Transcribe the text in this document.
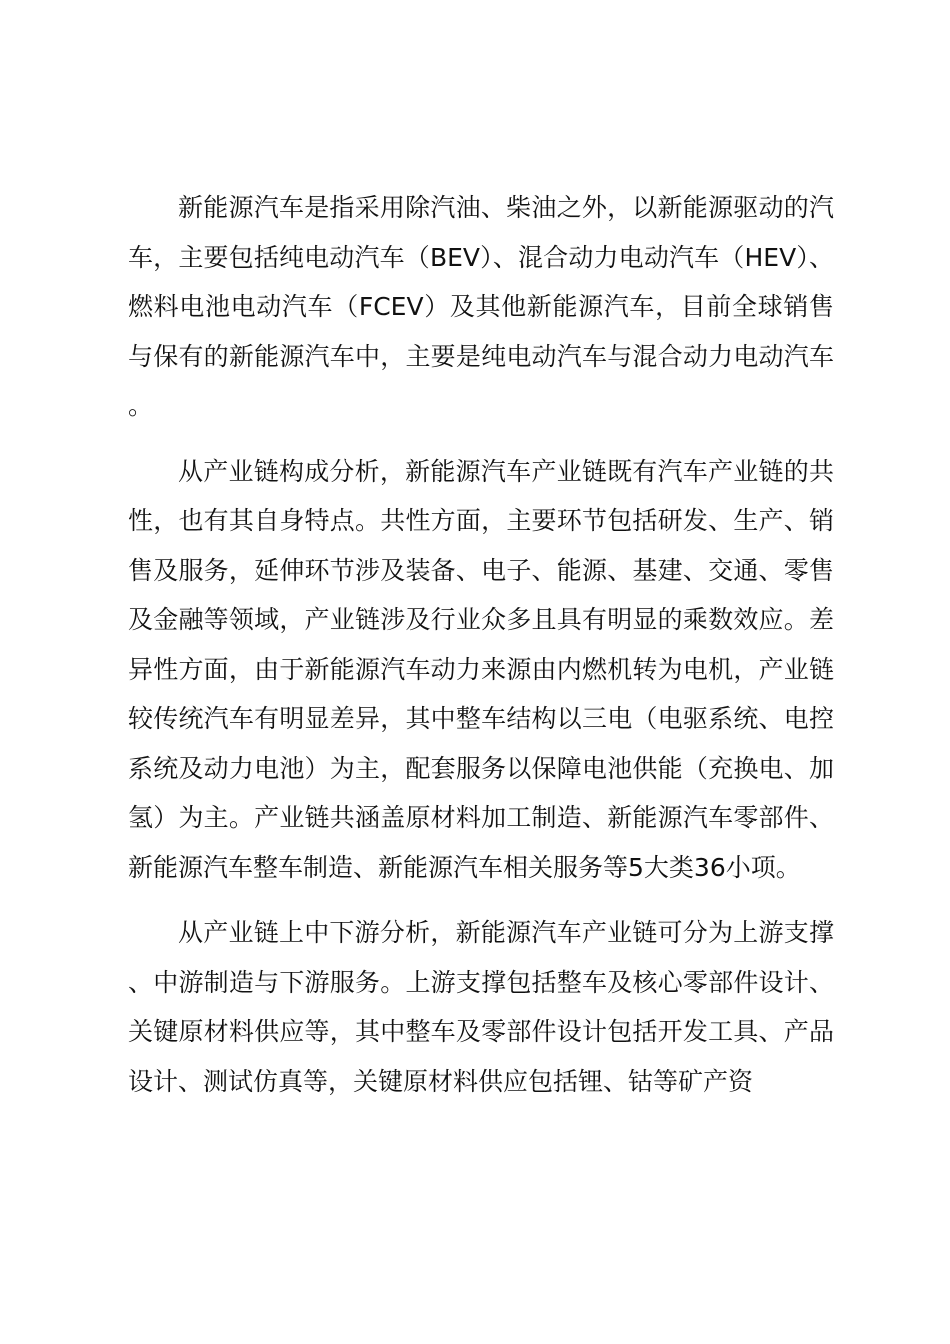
新能源汽车是指采用除汽油、柴油之外，以新能源驱动的汽车，主要包括纯电动汽车（BEV）、混合动力电动汽车（HEV）、燃料电池电动汽车（FCEV）及其他新能源汽车，目前全球销售与保有的新能源汽车中，主要是纯电动汽车与混合动力电动汽车。

从产业链构成分析，新能源汽车产业链既有汽车产业链的共性，也有其自身特点。共性方面，主要环节包括研发、生产、销售及服务，延伸环节涉及装备、电子、能源、基建、交通、零售及金融等领域，产业链涉及行业众多且具有明显的乘数效应。差异性方面，由于新能源汽车动力来源由内燃机转为电机，产业链较传统汽车有明显差异，其中整车结构以三电（电驱系统、电控系统及动力电池）为主，配套服务以保障电池供能（充换电、加氢）为主。产业链共涵盖原材料加工制造、新能源汽车零部件、新能源汽车整车制造、新能源汽车相关服务等5大类36小项。

从产业链上中下游分析，新能源汽车产业链可分为上游支撑、中游制造与下游服务。上游支撑包括整车及核心零部件设计、关键原材料供应等，其中整车及零部件设计包括开发工具、产品设计、测试仿真等，关键原材料供应包括锂、钴等矿产资
